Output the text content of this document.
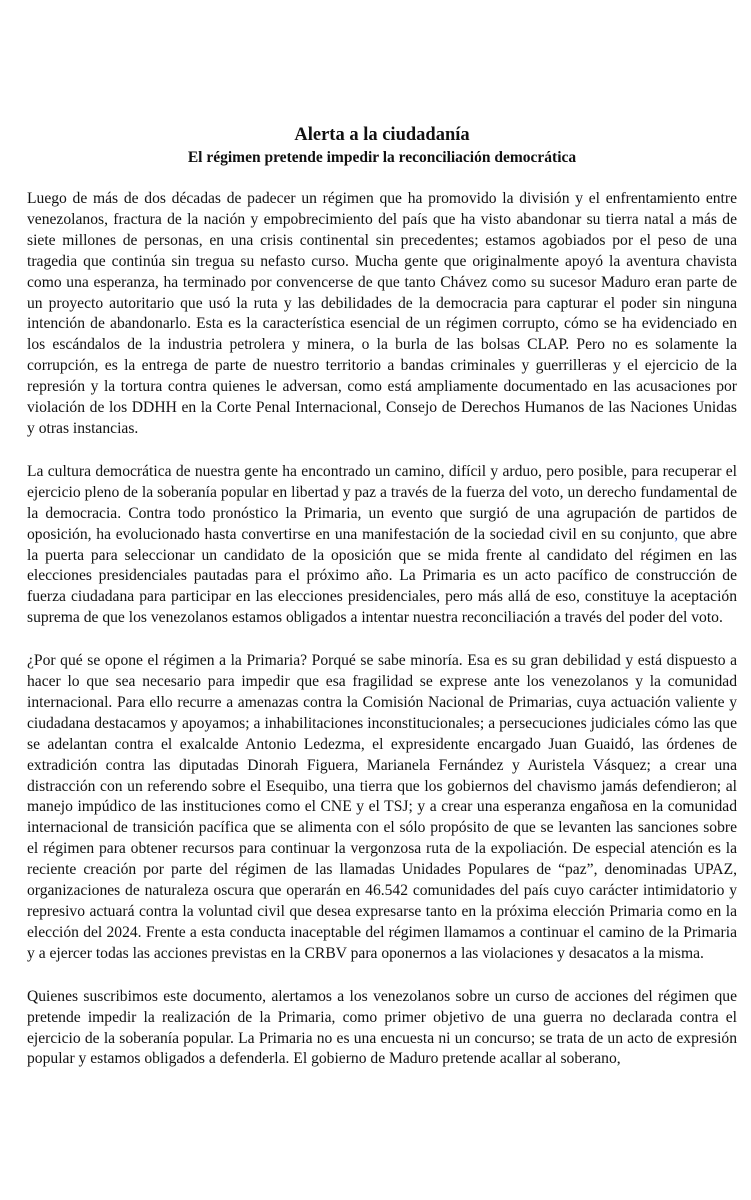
Alerta a la ciudadanía
El régimen pretende impedir la reconciliación democrática

Luego de más de dos décadas de padecer un régimen que ha promovido la división y el enfrentamiento entre venezolanos, fractura de la nación y empobrecimiento del país que ha visto abandonar su tierra natal a más de siete millones de personas, en una crisis continental sin precedentes; estamos agobiados por el peso de una tragedia que continúa sin tregua su nefasto curso. Mucha gente que originalmente apoyó la aventura chavista como una esperanza, ha terminado por convencerse de que tanto Chávez como su sucesor Maduro eran parte de un proyecto autoritario que usó la ruta y las debilidades de la democracia para capturar el poder sin ninguna intención de abandonarlo. Esta es la característica esencial de un régimen corrupto, cómo se ha evidenciado en los escándalos de la industria petrolera y minera, o la burla de las bolsas CLAP. Pero no es solamente la corrupción, es la entrega de parte de nuestro territorio a bandas criminales y guerrilleras y el ejercicio de la represión y la tortura contra quienes le adversan, como está ampliamente documentado en las acusaciones por violación de los DDHH en la Corte Penal Internacional, Consejo de Derechos Humanos de las Naciones Unidas y otras instancias.

La cultura democrática de nuestra gente ha encontrado un camino, difícil y arduo, pero posible, para recuperar el ejercicio pleno de la soberanía popular en libertad y paz a través de la fuerza del voto, un derecho fundamental de la democracia. Contra todo pronóstico la Primaria, un evento que surgió de una agrupación de partidos de oposición, ha evolucionado hasta convertirse en una manifestación de la sociedad civil en su conjunto, que abre la puerta para seleccionar un candidato de la oposición que se mida frente al candidato del régimen en las elecciones presidenciales pautadas para el próximo año. La Primaria es un acto pacífico de construcción de fuerza ciudadana para participar en las elecciones presidenciales, pero más allá de eso, constituye la aceptación suprema de que los venezolanos estamos obligados a intentar nuestra reconciliación a través del poder del voto.

¿Por qué se opone el régimen a la Primaria? Porqué se sabe minoría. Esa es su gran debilidad y está dispuesto a hacer lo que sea necesario para impedir que esa fragilidad se exprese ante los venezolanos y la comunidad internacional. Para ello recurre a amenazas contra la Comisión Nacional de Primarias, cuya actuación valiente y ciudadana destacamos y apoyamos; a inhabilitaciones inconstitucionales; a persecuciones judiciales cómo las que se adelantan contra el exalcalde Antonio Ledezma, el expresidente encargado Juan Guaidó, las órdenes de extradición contra las diputadas Dinorah Figuera, Marianela Fernández y Auristela Vásquez; a crear una distracción con un referendo sobre el Esequibo, una tierra que los gobiernos del chavismo jamás defendieron; al manejo impúdico de las instituciones como el CNE y el TSJ; y a crear una esperanza engañosa en la comunidad internacional de transición pacífica que se alimenta con el sólo propósito de que se levanten las sanciones sobre el régimen para obtener recursos para continuar la vergonzosa ruta de la expoliación. De especial atención es la reciente creación por parte del régimen de las llamadas Unidades Populares de “paz”, denominadas UPAZ, organizaciones de naturaleza oscura que operarán en 46.542 comunidades del país cuyo carácter intimidatorio y represivo actuará contra la voluntad civil que desea expresarse tanto en la próxima elección Primaria como en la elección del 2024. Frente a esta conducta inaceptable del régimen llamamos a continuar el camino de la Primaria y a ejercer todas las acciones previstas en la CRBV para oponernos a las violaciones y desacatos a la misma.

Quienes suscribimos este documento, alertamos a los venezolanos sobre un curso de acciones del régimen que pretende impedir la realización de la Primaria, como primer objetivo de una guerra no declarada contra el ejercicio de la soberanía popular. La Primaria no es una encuesta ni un concurso; se trata de un acto de expresión popular y estamos obligados a defenderla. El gobierno de Maduro pretende acallar al soberano,
